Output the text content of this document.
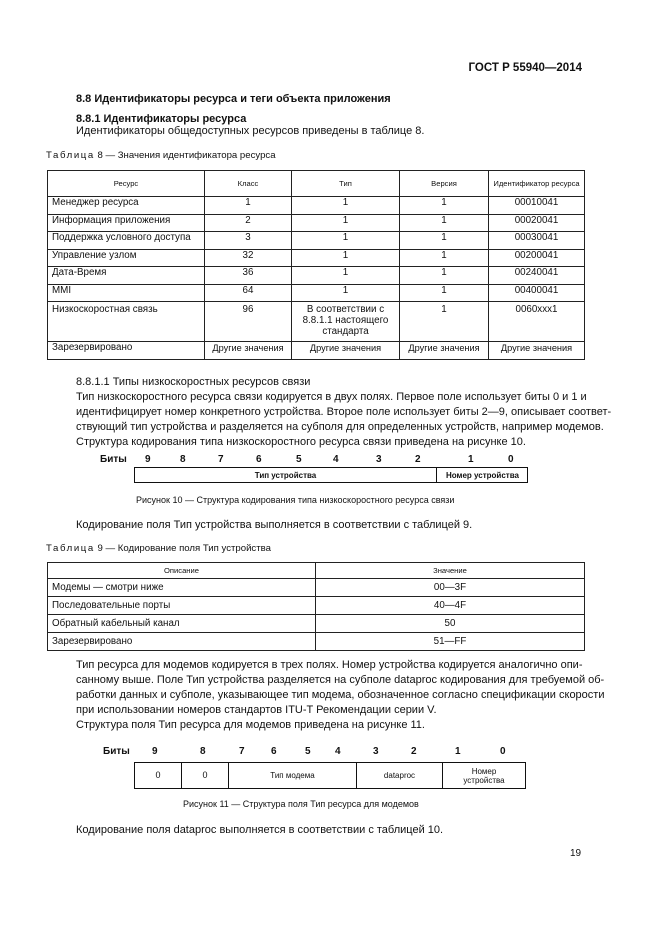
ГОСТ Р 55940—2014
8.8 Идентификаторы ресурса и теги объекта приложения
8.8.1 Идентификаторы ресурса
Идентификаторы общедоступных ресурсов приведены в таблице 8.
Таблица 8 — Значения идентификатора ресурса
Ресурс	Класс	Тип	Версия	Идентификатор ресурса
Менеджер ресурса	1	1	1	00010041
Информация приложения	2	1	1	00020041
Поддержка условного доступа	3	1	1	00030041
Управление узлом	32	1	1	00200041
Дата-Время	36	1	1	00240041
MMI	64	1	1	00400041
Низкоскоростная связь	96	В соответствии с 8.8.1.1 настоящего стандарта	1	0060xxx1
Зарезервировано	Другие значения	Другие значения	Другие значения	Другие значения
8.8.1.1 Типы низкоскоростных ресурсов связи
Тип низкоскоростного ресурса связи кодируется в двух полях. Первое поле использует биты 0 и 1 и
идентифицирует номер конкретного устройства. Второе поле использует биты 2—9, описывает соответ-
ствующий тип устройства и разделяется на субполя для определенных устройств, например модемов.
Структура кодирования типа низкоскоростного ресурса связи приведена на рисунке 10.
Биты 9	8	7	6	5	4	3	2	1	0
Тип устройства	Номер устройства
Рисунок 10 — Структура кодирования типа низкоскоростного ресурса связи
Кодирование поля Тип устройства выполняется в соответствии с таблицей 9.
Таблица 9 — Кодирование поля Тип устройства
Описание	Значение
Модемы — смотри ниже	00—3F
Последовательные порты	40—4F
Обратный кабельный канал	50
Зарезервировано	51—FF
Тип ресурса для модемов кодируется в трех полях. Номер устройства кодируется аналогично опи-
санному выше. Поле Тип устройства разделяется на субполе dataproc кодирования для требуемой об-
работки данных и субполе, указывающее тип модема, обозначенное согласно спецификации скорости
при использовании номеров стандартов ITU-T Рекомендации серии V.
Структура поля Тип ресурса для модемов приведена на рисунке 11.
Биты 9	8	7	6	5 4	3	2	1	0
0	0	Тип модема	dataproc	Номер устройства
Рисунок 11 — Структура поля Тип ресурса для модемов
Кодирование поля dataproc выполняется в соответствии с таблицей 10.
19
